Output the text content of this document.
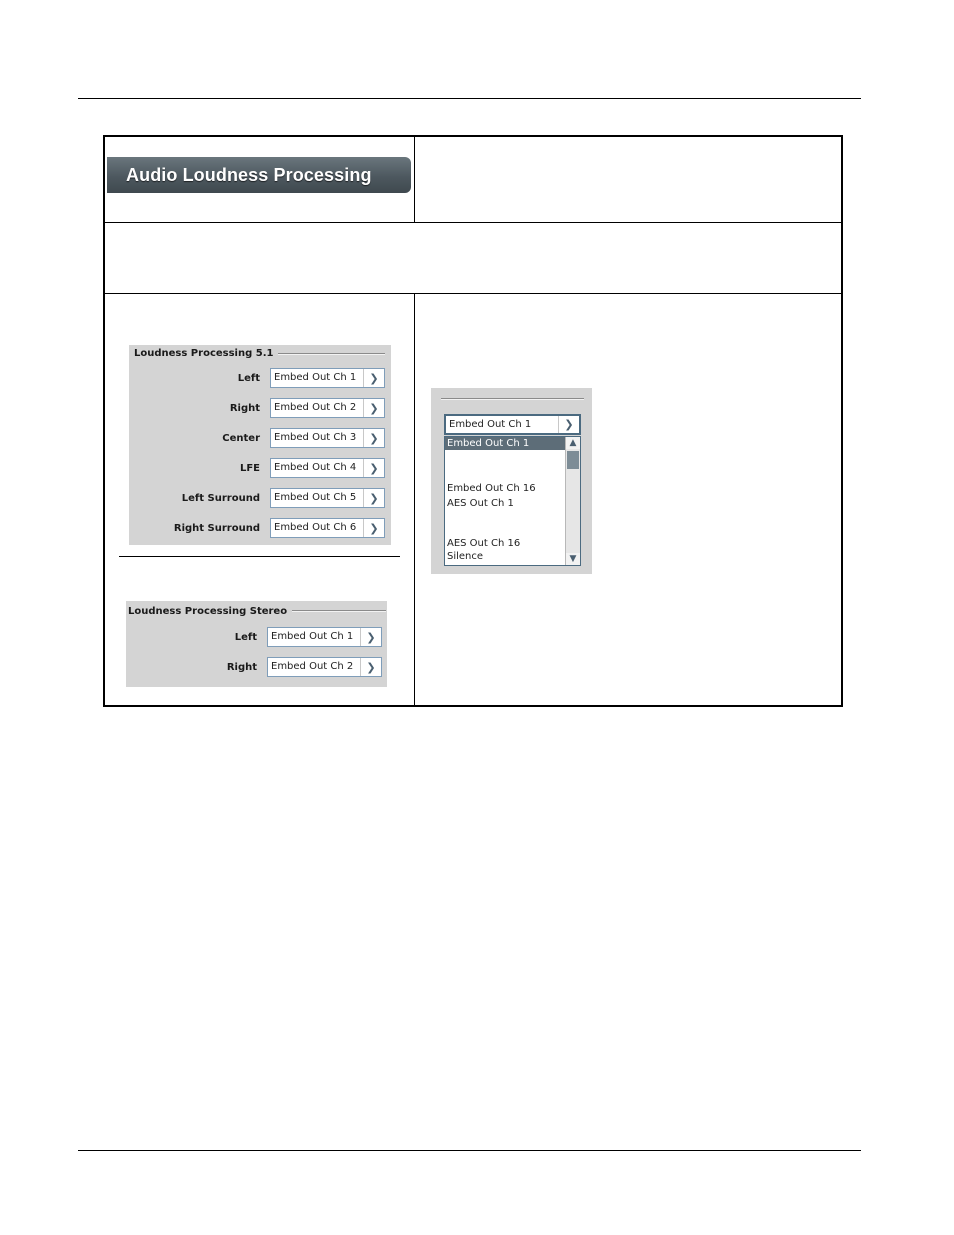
Audio Loudness Processing
Loudness Processing 5.1
Left Embed Out Ch 1	❯
Right Embed Out Ch 2	❯
Center Embed Out Ch 3	❯
LFE Embed Out Ch 4	❯
Left Surround Embed Out Ch 5	❯
Right Surround Embed Out Ch 6	❯
Loudness Processing Stereo
Left Embed Out Ch 1	❯
Right Embed Out Ch 2	❯
Embed Out Ch 1	❯
Embed Out Ch 1
Embed Out Ch 16
AES Out Ch 1
AES Out Ch 16
Silence
▲
▼
